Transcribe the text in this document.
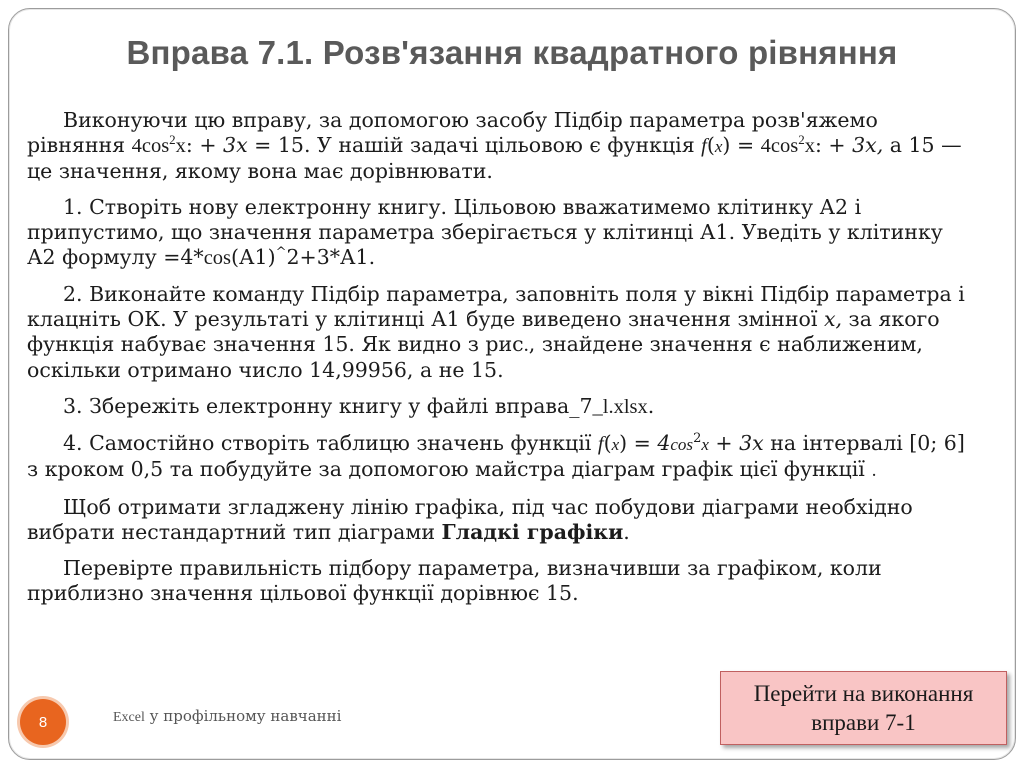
Вправа 7.1. Розв'язання квадратного рівняння

Виконуючи цю вправу, за допомогою засобу Підбір параметра розв'яжемо рівняння $4\cos^2x$: + 3x = 15. У нашій задачі цільовою є функція $f(x) = 4\cos^2x$: + 3x, а 15 — це значення, якому вона має дорівнювати.

1. Створіть нову електронну книгу. Цільовою вважатимемо клітинку А2 і припустимо, що значення параметра зберігається у клітинці А1. Уведіть у клітинку А2 формулу =4*cos(А1)^2+3*А1.

2. Виконайте команду Підбір параметра, заповніть поля у вікні Підбір параметра і клацніть ОК. У результаті у клітинці А1 буде виведено значення змінної x, за якого функція набуває значення 15. Як видно з рис., знайдене значення є наближеним, оскільки отримано число 14,99956, а не 15.

3. Збережіть електронну книгу у файлі вправа_7_l.xlsx.

4. Самостійно створіть таблицю значень функції $f(x) = 4\cos^2x + 3x$ на інтервалі [0; 6] з кроком 0,5 та побудуйте за допомогою майстра діаграм графік цієї функції .

Щоб отримати згладжену лінію графіка, під час побудови діаграми необхідно вибрати нестандартний тип діаграми Гладкі графіки.

Перевірте правильність підбору параметра, визначивши за графіком, коли приблизно значення цільової функції дорівнює 15.

8	Excel у профільному навчанні
Перейти на виконання
вправи 7-1
